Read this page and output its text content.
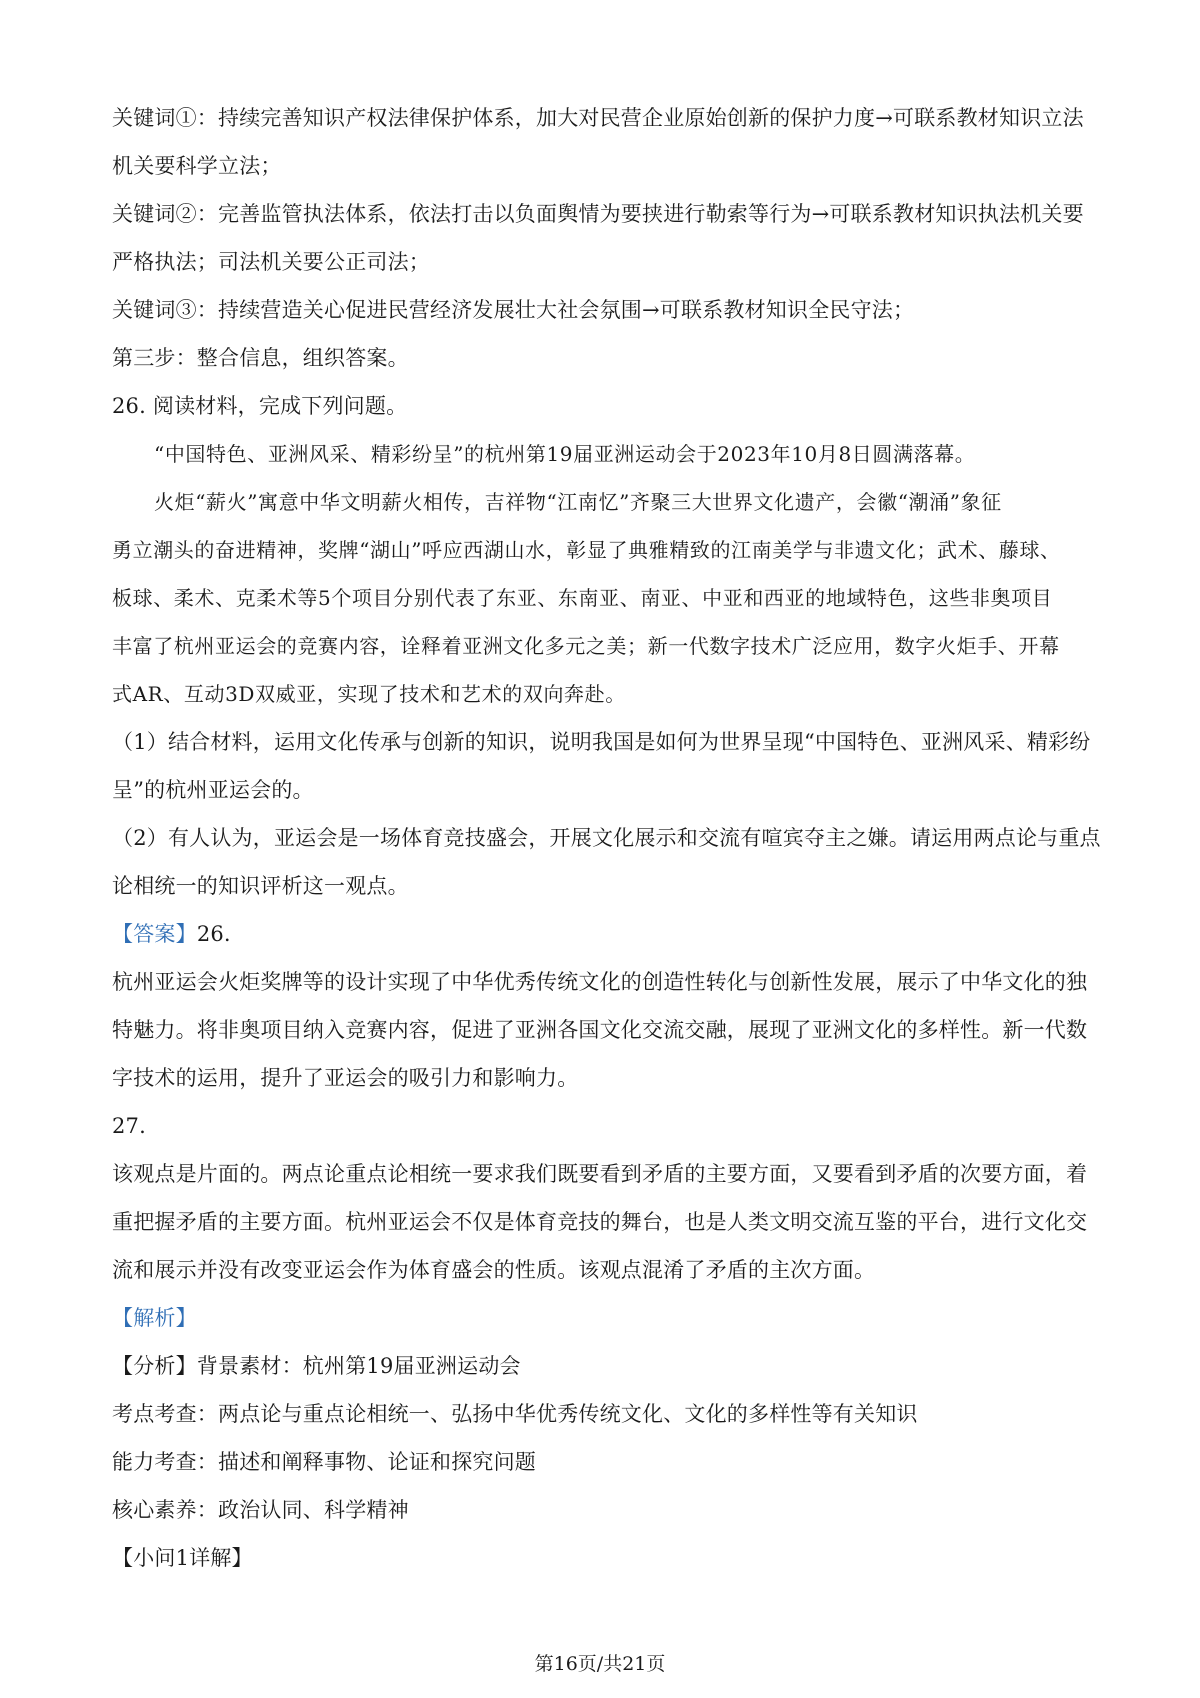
关键词①：持续完善知识产权法律保护体系，加大对民营企业原始创新的保护力度→可联系教材知识立法
机关要科学立法；
关键词②：完善监管执法体系，依法打击以负面舆情为要挟进行勒索等行为→可联系教材知识执法机关要
严格执法；司法机关要公正司法；
关键词③：持续营造关心促进民营经济发展壮大社会氛围→可联系教材知识全民守法；
第三步：整合信息，组织答案。
26. 阅读材料，完成下列问题。
“中国特色、亚洲风采、精彩纷呈”的杭州第19届亚洲运动会于2023年10月8日圆满落幕。
火炬“薪火”寓意中华文明薪火相传，吉祥物“江南忆”齐聚三大世界文化遗产，会徽“潮涌”象征
勇立潮头的奋进精神，奖牌“湖山”呼应西湖山水，彰显了典雅精致的江南美学与非遗文化；武术、藤球、
板球、柔术、克柔术等5个项目分别代表了东亚、东南亚、南亚、中亚和西亚的地域特色，这些非奥项目
丰富了杭州亚运会的竞赛内容，诠释着亚洲文化多元之美；新一代数字技术广泛应用，数字火炬手、开幕
式AR、互动3D双威亚，实现了技术和艺术的双向奔赴。
（1）结合材料，运用文化传承与创新的知识，说明我国是如何为世界呈现“中国特色、亚洲风采、精彩纷
呈”的杭州亚运会的。
（2）有人认为，亚运会是一场体育竞技盛会，开展文化展示和交流有喧宾夺主之嫌。请运用两点论与重点
论相统一的知识评析这一观点。
【答案】26.
杭州亚运会火炬奖牌等的设计实现了中华优秀传统文化的创造性转化与创新性发展，展示了中华文化的独
特魅力。将非奥项目纳入竞赛内容，促进了亚洲各国文化交流交融，展现了亚洲文化的多样性。新一代数
字技术的运用，提升了亚运会的吸引力和影响力。
27.
该观点是片面的。两点论重点论相统一要求我们既要看到矛盾的主要方面，又要看到矛盾的次要方面，着
重把握矛盾的主要方面。杭州亚运会不仅是体育竞技的舞台，也是人类文明交流互鉴的平台，进行文化交
流和展示并没有改变亚运会作为体育盛会的性质。该观点混淆了矛盾的主次方面。
【解析】
【分析】背景素材：杭州第19届亚洲运动会
考点考查：两点论与重点论相统一、弘扬中华优秀传统文化、文化的多样性等有关知识
能力考查：描述和阐释事物、论证和探究问题
核心素养：政治认同、科学精神
【小问1详解】
第16页/共21页
